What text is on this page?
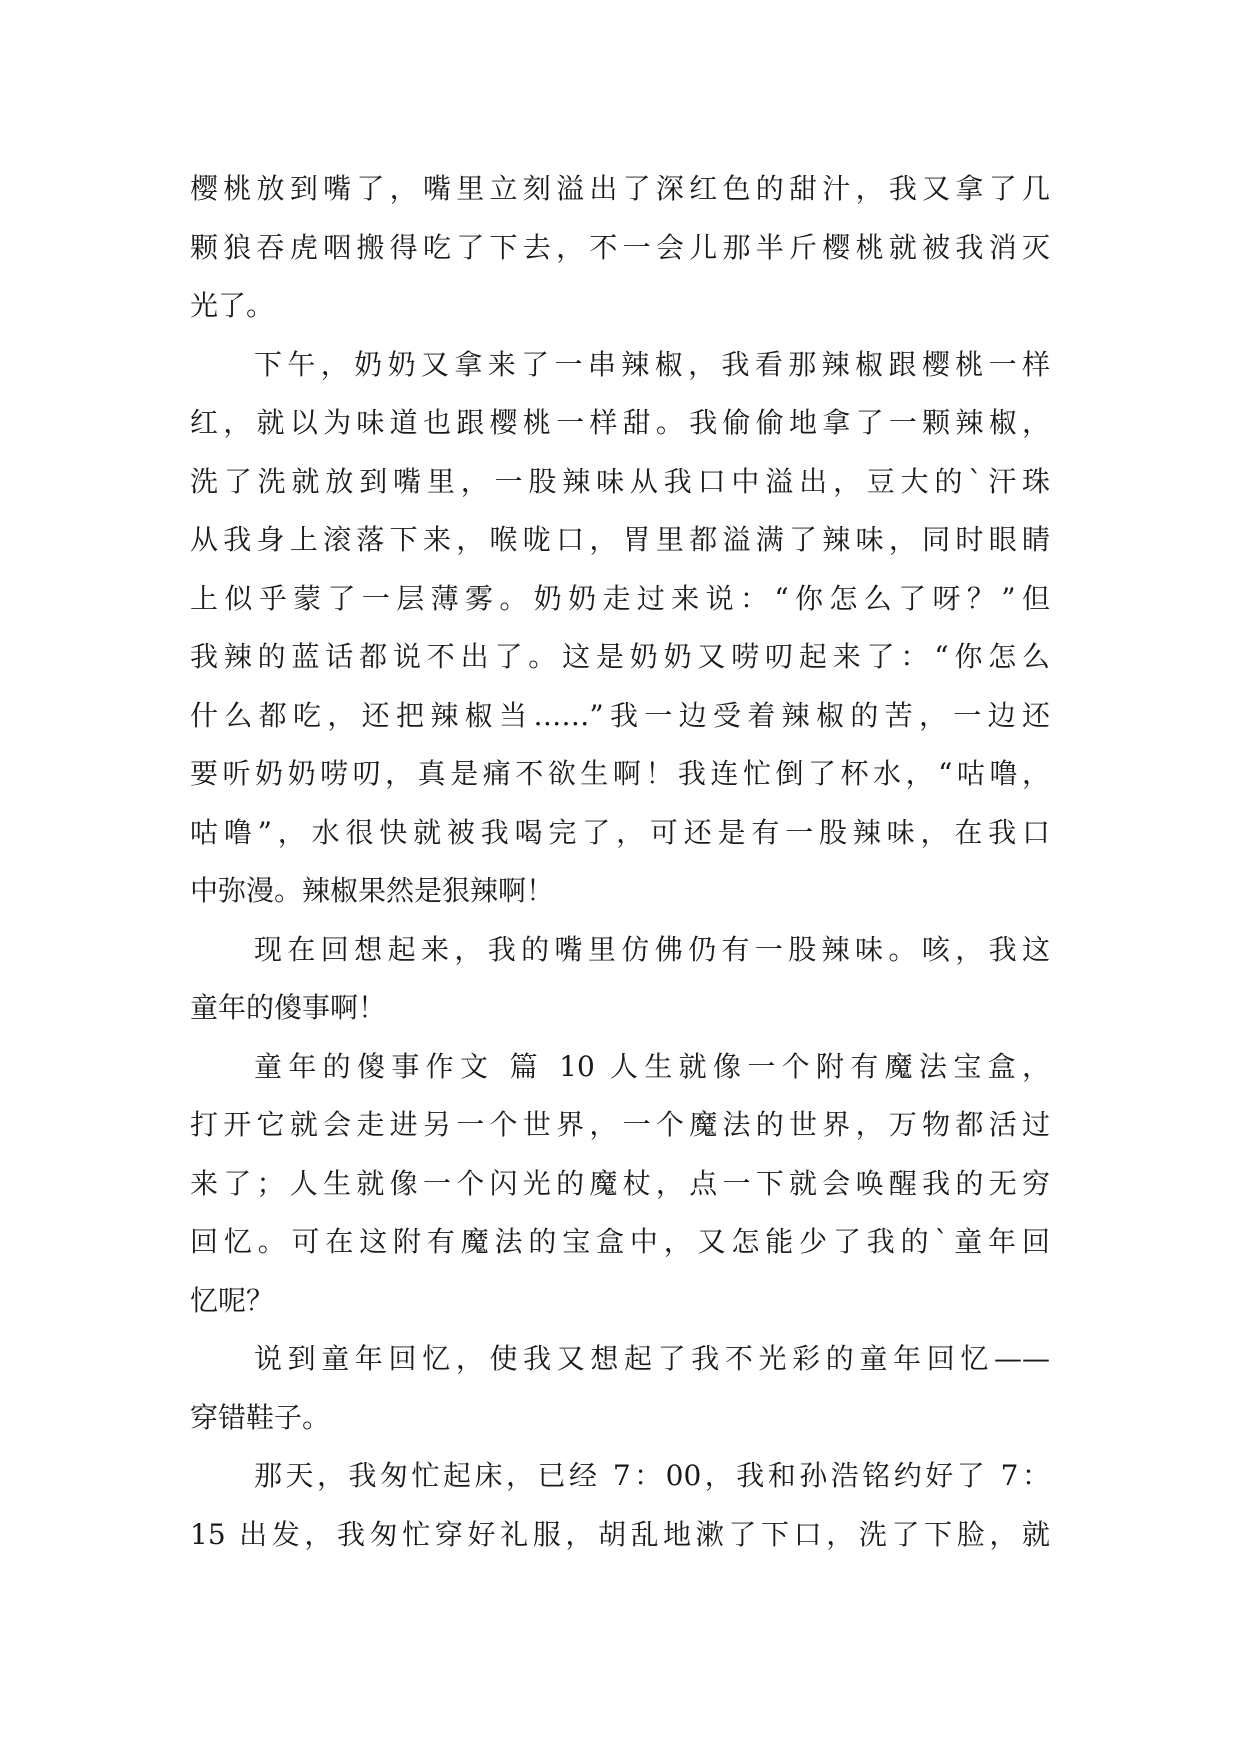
樱桃放到嘴了，嘴里立刻溢出了深红色的甜汁，我又拿了几
颗狼吞虎咽搬得吃了下去，不一会儿那半斤樱桃就被我消灭
光了。
下午，奶奶又拿来了一串辣椒，我看那辣椒跟樱桃一样
红，就以为味道也跟樱桃一样甜。我偷偷地拿了一颗辣椒，
洗了洗就放到嘴里，一股辣味从我口中溢出，豆大的`汗珠
从我身上滚落下来，喉咙口，胃里都溢满了辣味，同时眼睛
上似乎蒙了一层薄雾。奶奶走过来说：“你怎么了呀？”但
我辣的蓝话都说不出了。这是奶奶又唠叨起来了：“你怎么
什么都吃，还把辣椒当……”我一边受着辣椒的苦，一边还
要听奶奶唠叨，真是痛不欲生啊！我连忙倒了杯水，“咕噜，
咕噜”，水很快就被我喝完了，可还是有一股辣味，在我口
中弥漫。辣椒果然是狠辣啊！
现在回想起来，我的嘴里仿佛仍有一股辣味。咳，我这
童年的傻事啊！
童年的傻事作文 篇 10 人生就像一个附有魔法宝盒，
打开它就会走进另一个世界，一个魔法的世界，万物都活过
来了；人生就像一个闪光的魔杖，点一下就会唤醒我的无穷
回忆。可在这附有魔法的宝盒中，又怎能少了我的`童年回
忆呢？
说到童年回忆，使我又想起了我不光彩的童年回忆——
穿错鞋子。
那天，我匆忙起床，已经 7：00，我和孙浩铭约好了 7：
15 出发，我匆忙穿好礼服，胡乱地漱了下口，洗了下脸，就
